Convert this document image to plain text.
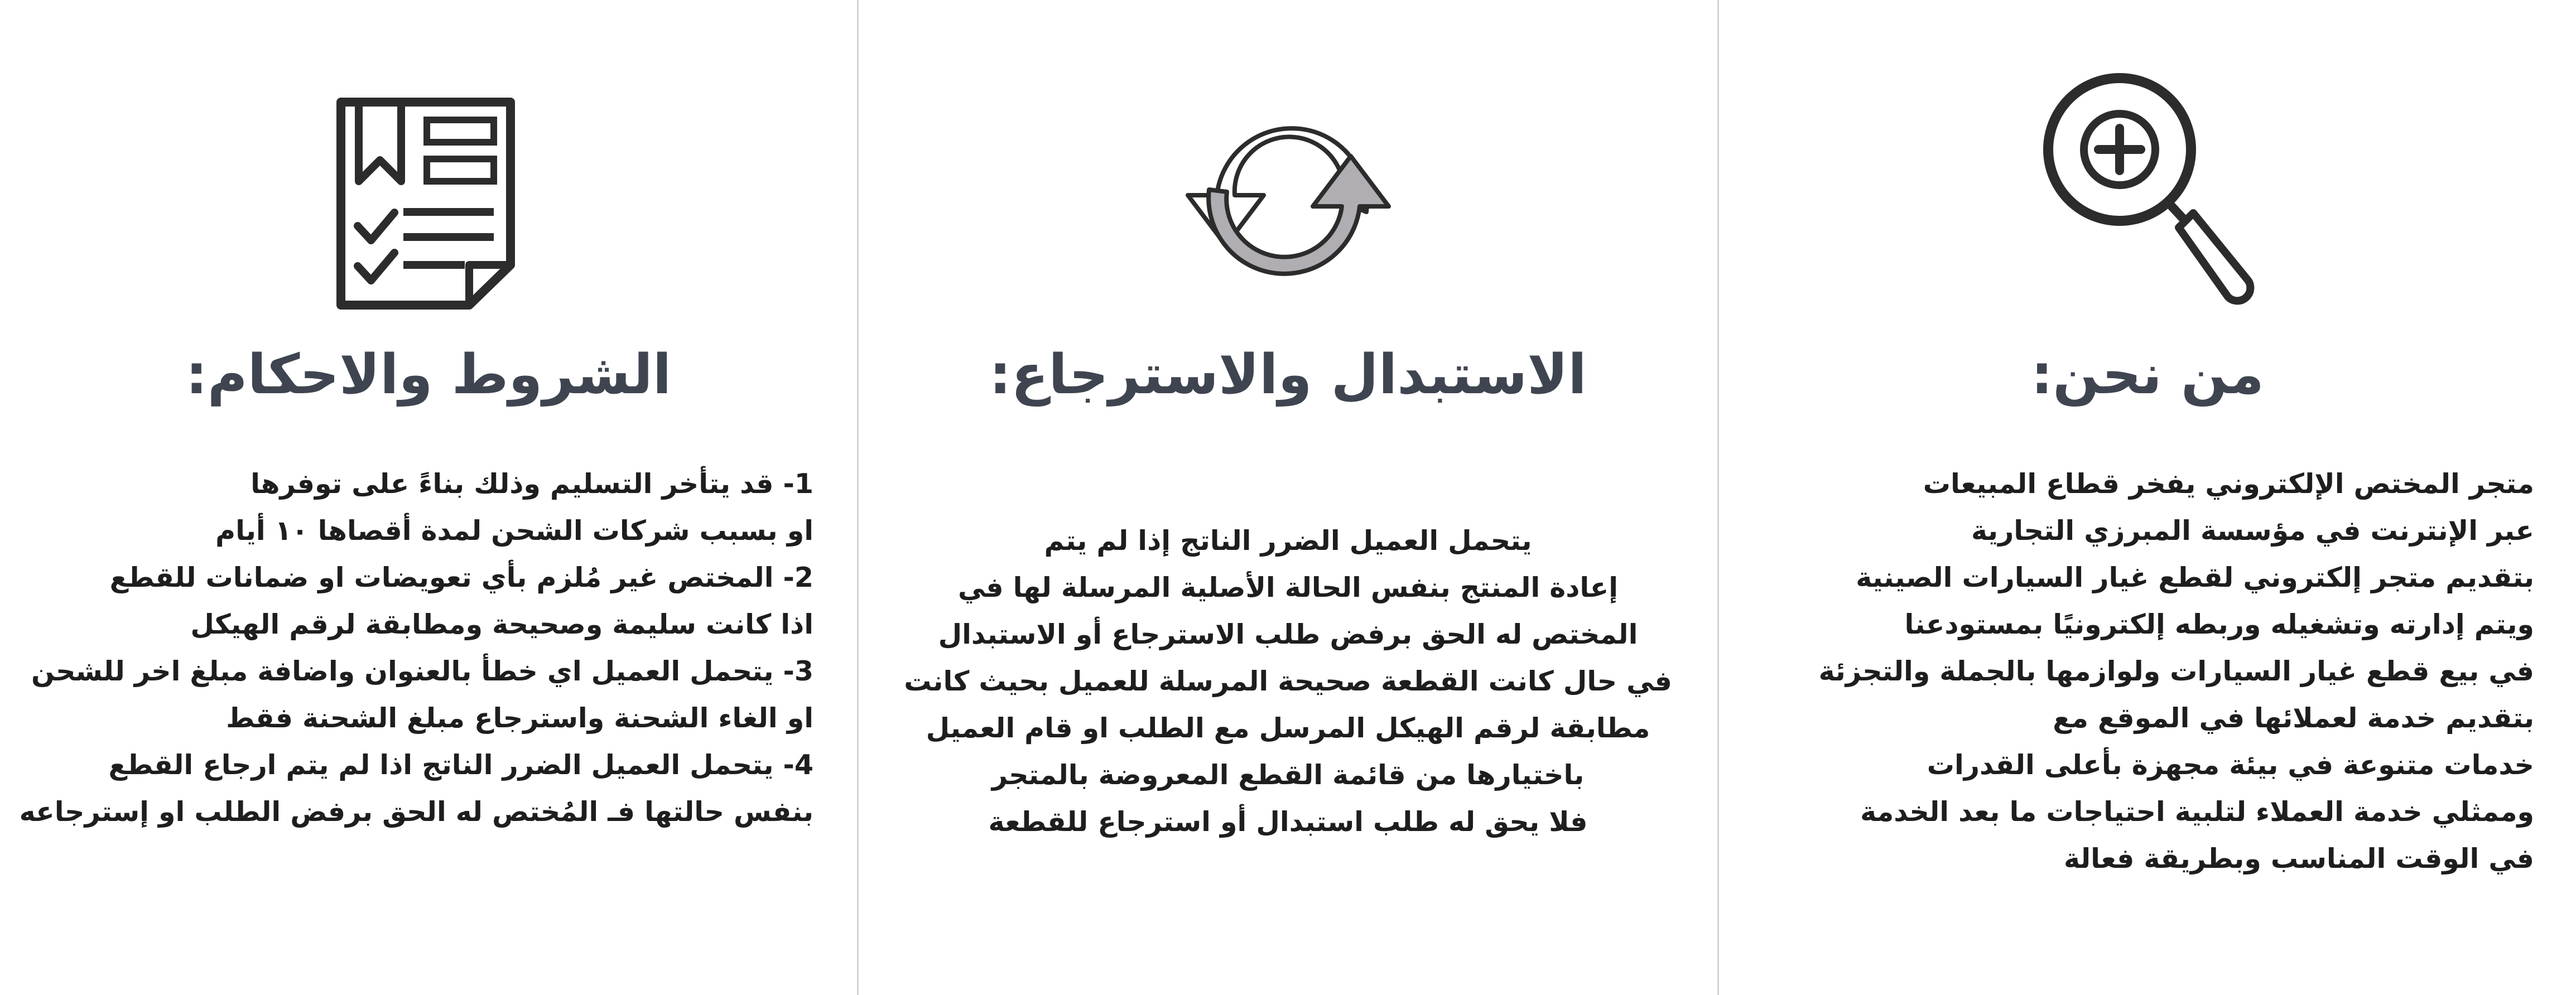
الشروط والاحكام:
1- قد يتأخر التسليم وذلك بناءً على توفرها
او بسبب شركات الشحن لمدة أقصاها ١٠ أيام
2- المختص غير مُلزم بأي تعويضات او ضمانات للقطع
اذا كانت سليمة وصحيحة ومطابقة لرقم الهيكل
3- يتحمل العميل اي خطأ بالعنوان واضافة مبلغ اخر للشحن
او الغاء الشحنة واسترجاع مبلغ الشحنة فقط
4- يتحمل العميل الضرر الناتج اذا لم يتم ارجاع القطع
بنفس حالتها فـ المُختص له الحق برفض الطلب او إسترجاعه
الاستبدال والاسترجاع:
يتحمل العميل الضرر الناتج إذا لم يتم
إعادة المنتج بنفس الحالة الأصلية المرسلة لها في
المختص له الحق برفض طلب الاسترجاع أو الاستبدال
في حال كانت القطعة صحيحة المرسلة للعميل بحيث كانت
مطابقة لرقم الهيكل المرسل مع الطلب او قام العميل
باختيارها من قائمة القطع المعروضة بالمتجر
فلا يحق له طلب استبدال أو استرجاع للقطعة
من نحن:
متجر المختص الإلكتروني يفخر قطاع المبيعات
عبر الإنترنت في مؤسسة المبرزي التجارية
بتقديم متجر إلكتروني لقطع غيار السيارات الصينية
ويتم إدارته وتشغيله وربطه إلكترونيًا بمستودعنا
في بيع قطع غيار السيارات ولوازمها بالجملة والتجزئة
بتقديم خدمة لعملائها في الموقع مع
خدمات متنوعة في بيئة مجهزة بأعلى القدرات
وممثلي خدمة العملاء لتلبية احتياجات ما بعد الخدمة
في الوقت المناسب وبطريقة فعالة
